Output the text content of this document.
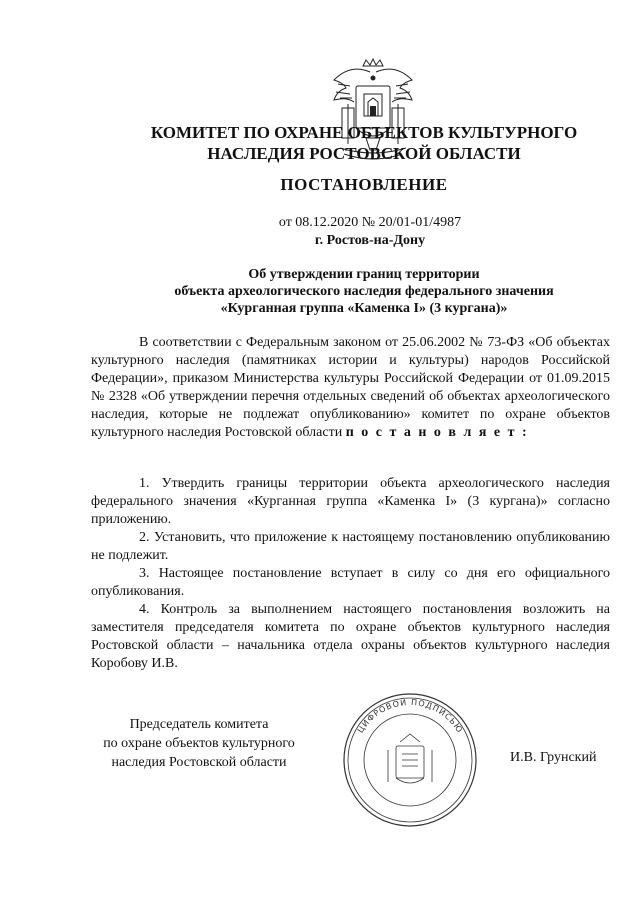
КОМИТЕТ ПО ОХРАНЕ ОБЪЕКТОВ КУЛЬТУРНОГО
НАСЛЕДИЯ РОСТОВСКОЙ ОБЛАСТИ
ПОСТАНОВЛЕНИЕ
от 08.12.2020 № 20/01-01/4987
г. Ростов-на-Дону
Об утверждении границ территории
объекта археологического наследия федерального значения
«Курганная группа «Каменка I» (3 кургана)»

В соответствии с Федеральным законом от 25.06.2002 № 73-ФЗ «Об объектах культурного наследия (памятниках истории и культуры) народов Российской Федерации», приказом Министерства культуры Российской Федерации от 01.09.2015 № 2328 «Об утверждении перечня отдельных сведений об объектах археологического наследия, которые не подлежат опубликованию» комитет по охране объектов культурного наследия Ростовской области п о с т а н о в л я е т :

1. Утвердить границы территории объекта археологического наследия федерального значения «Курганная группа «Каменка I» (3 кургана)» согласно приложению.

2. Установить, что приложение к настоящему постановлению опубликованию не подлежит.

3. Настоящее постановление вступает в силу со дня его официального опубликования.

4. Контроль за выполнением настоящего постановления возложить на заместителя председателя комитета по охране объектов культурного наследия Ростовской области – начальника отдела охраны объектов культурного наследия Коробову И.В.

Председатель комитета
по охране объектов культурного
наследия Ростовской области
ЦИФРОВОЙ ПОДПИСЬЮ
И.В. Грунский
